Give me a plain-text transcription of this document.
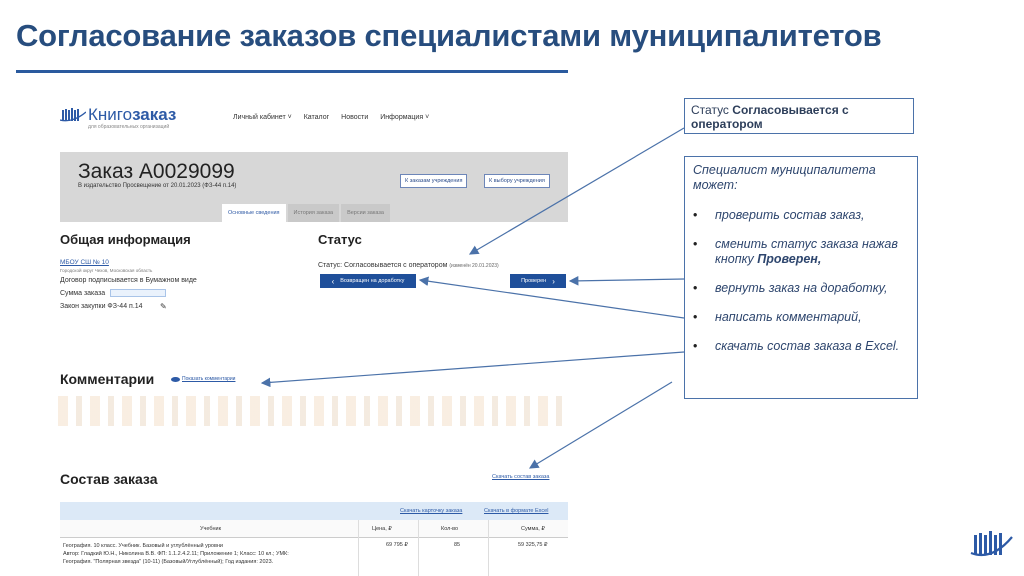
Согласование заказов специалистами муниципалитетов
Книгозаказ
для образовательных организаций
Личный кабинет ˅ Каталог Новости Информация ˅
Заказ А0029099
В издательство Просвещение от 20.01.2023 (ФЗ-44 п.14)
К заказам учреждения	К выбору учреждения
Основные сведения	История заказа	Версии заказа
Общая информация
МБОУ СШ № 10
Городской округ Чехов, Московская область
Договор подписывается в Бумажном виде
Сумма заказа
Закон закупки ФЗ-44 п.14 ✎
Статус
Статус: Согласовывается с оператором (изменён 20.01.2023)
‹ Возвращен на доработку	Проверен ›
Комментарии	Показать комментарии
Состав заказа	Скачать состав заказа
Скачать карточку заказа	Скачать в формате Excel
Учебник	Цена, ₽	Кол-во	Сумма, ₽
География. 10 класс. Учебник. Базовый и углублённый уровни
Автор: Гладкий Ю.Н., Николина В.В. ФП: 1.1.2.4.2.11; Приложение 1; Класс: 10 кл.; УМК:
География. "Полярная звезда" (10-11) (Базовый/Углублённый); Год издания: 2023.
69 795 ₽	85	59 325,75 ₽
Статус Согласовывается с оператором
Специалист муниципалитета может:
• проверить состав заказ,
• сменить статус заказа нажав кнопку Проверен,
• вернуть заказ на доработку,
• написать комментарий,
• скачать состав заказа в Excel.
